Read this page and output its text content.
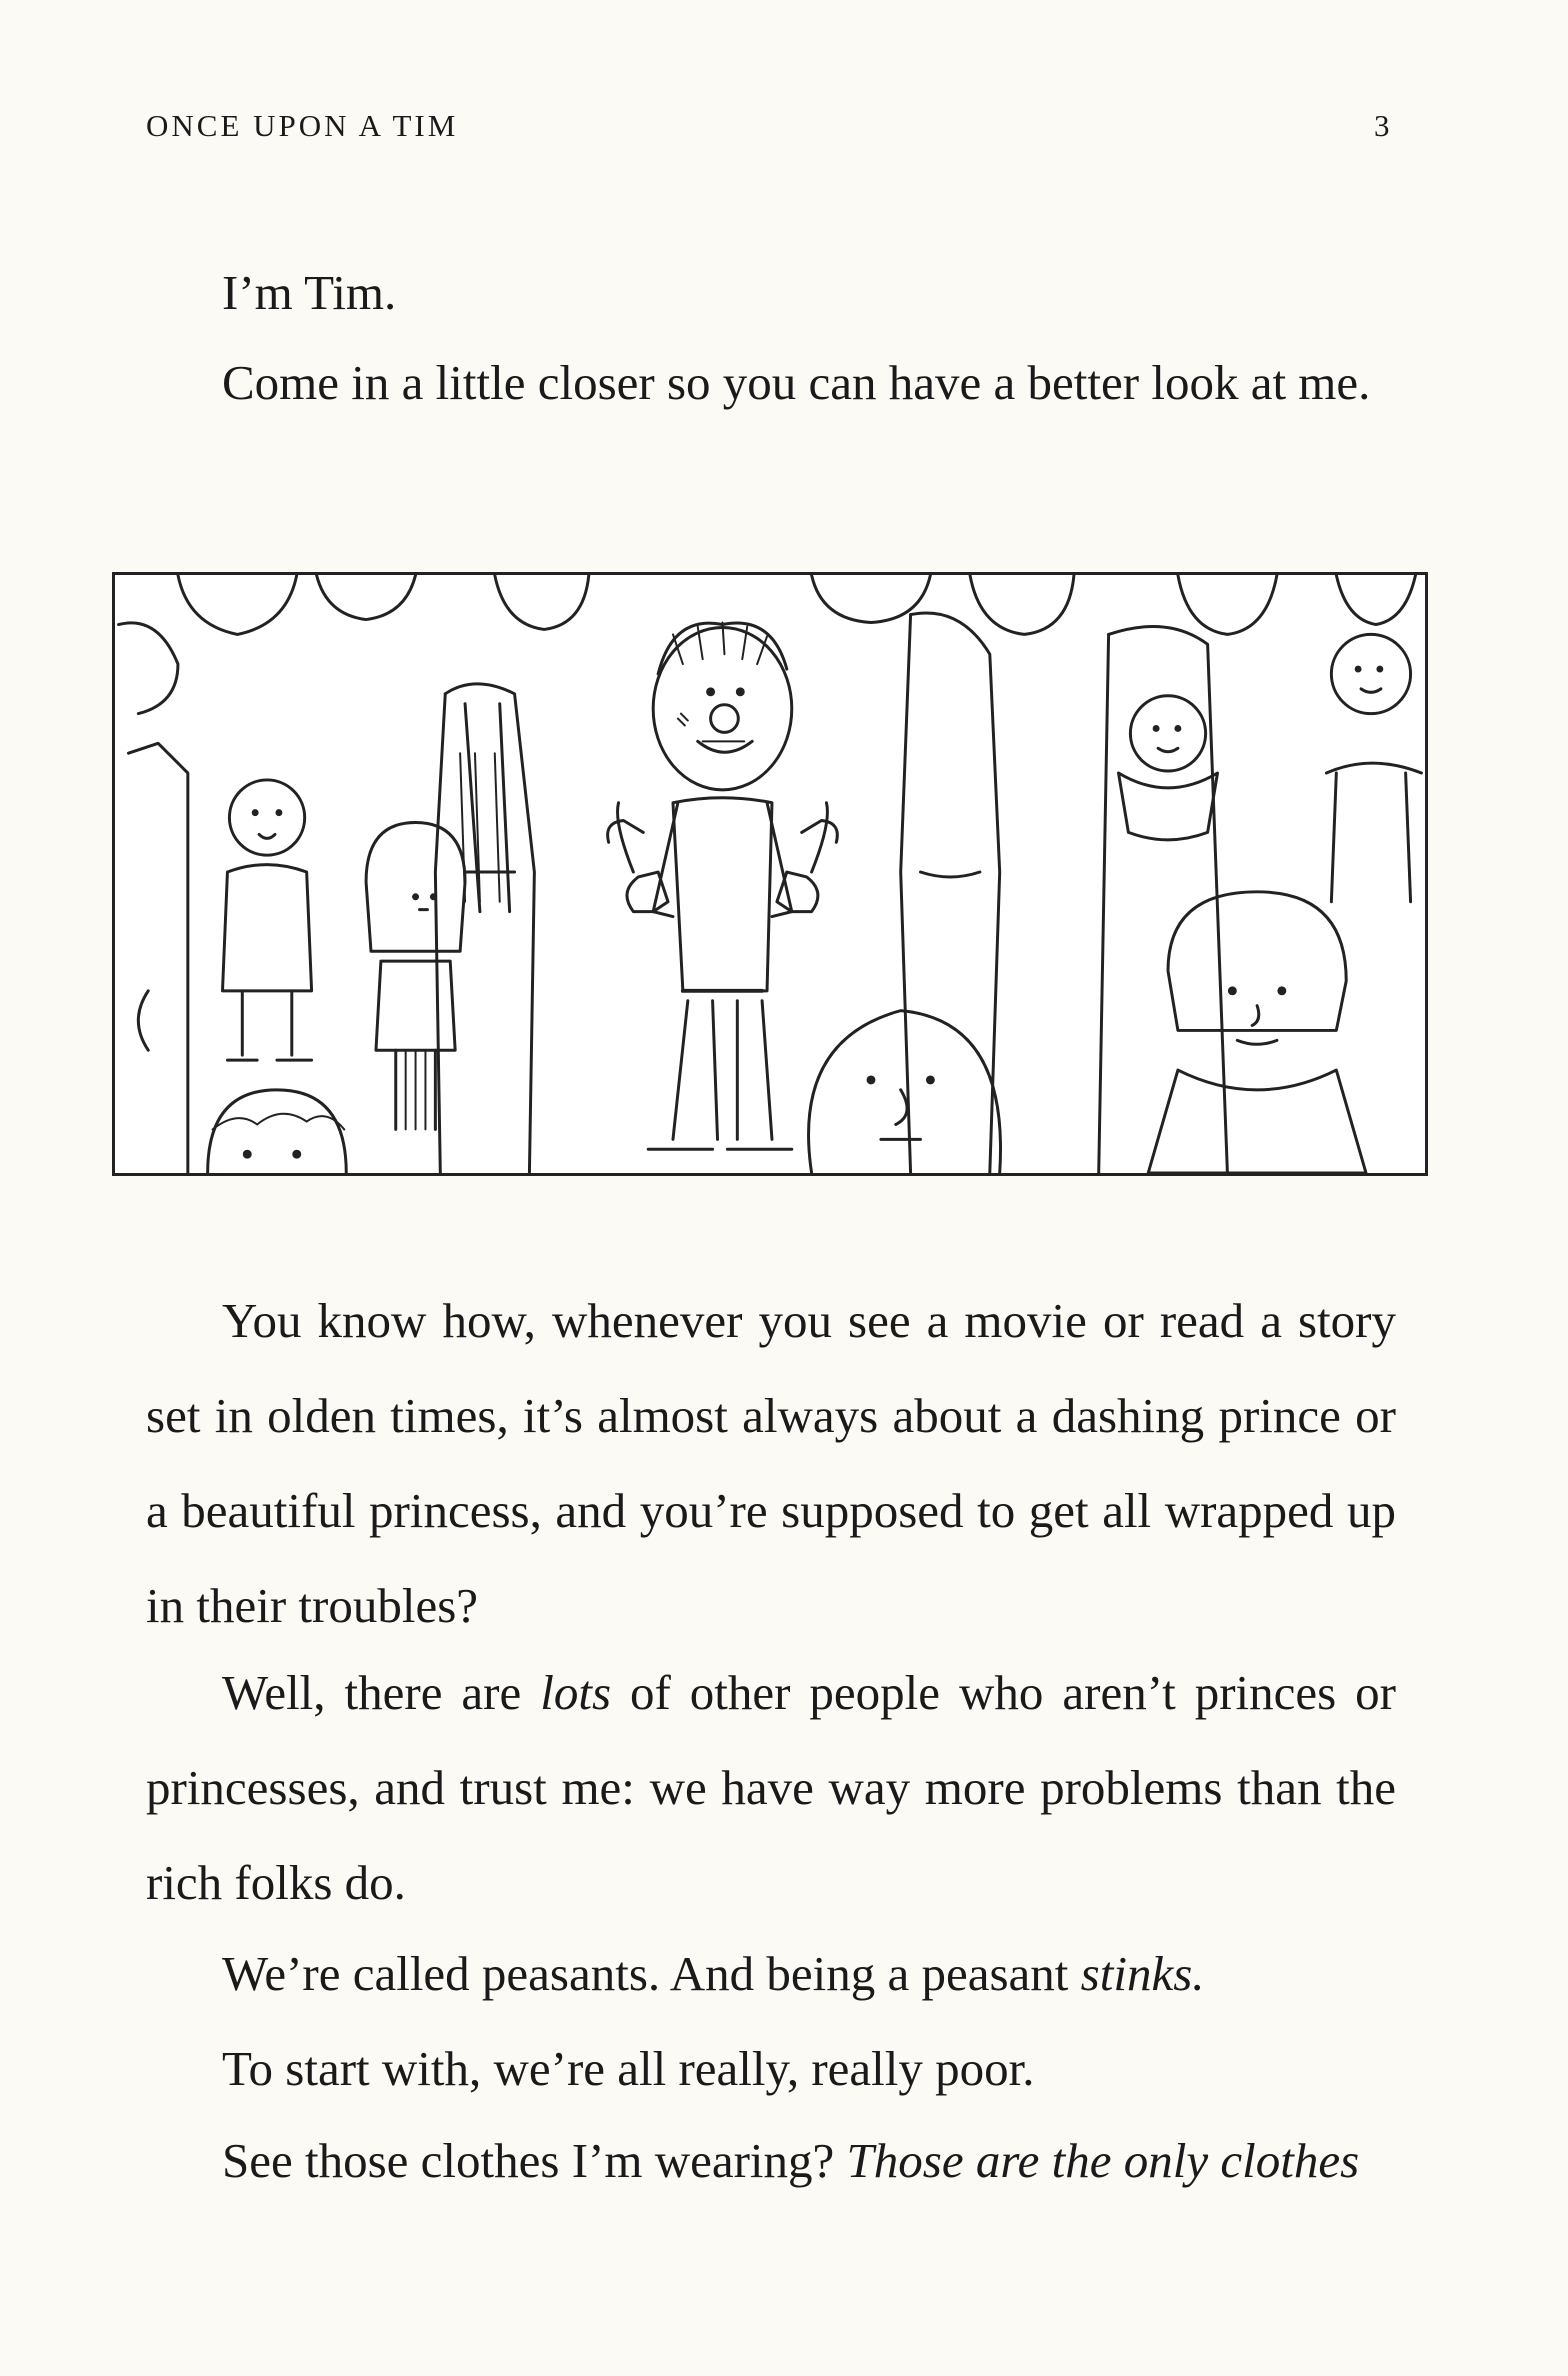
ONCE UPON A TIM	3

I’m Tim.

Come in a little closer so you can have a better look at me.

You know how, whenever you see a movie or read a story set in olden times, it’s almost always about a dashing prince or a beautiful princess, and you’re supposed to get all wrapped up in their troubles?

Well, there are lots of other people who aren’t princes or princesses, and trust me: we have way more problems than the rich folks do.

We’re called peasants. And being a peasant stinks.

To start with, we’re all really, really poor.

See those clothes I’m wearing? Those are the only clothes
